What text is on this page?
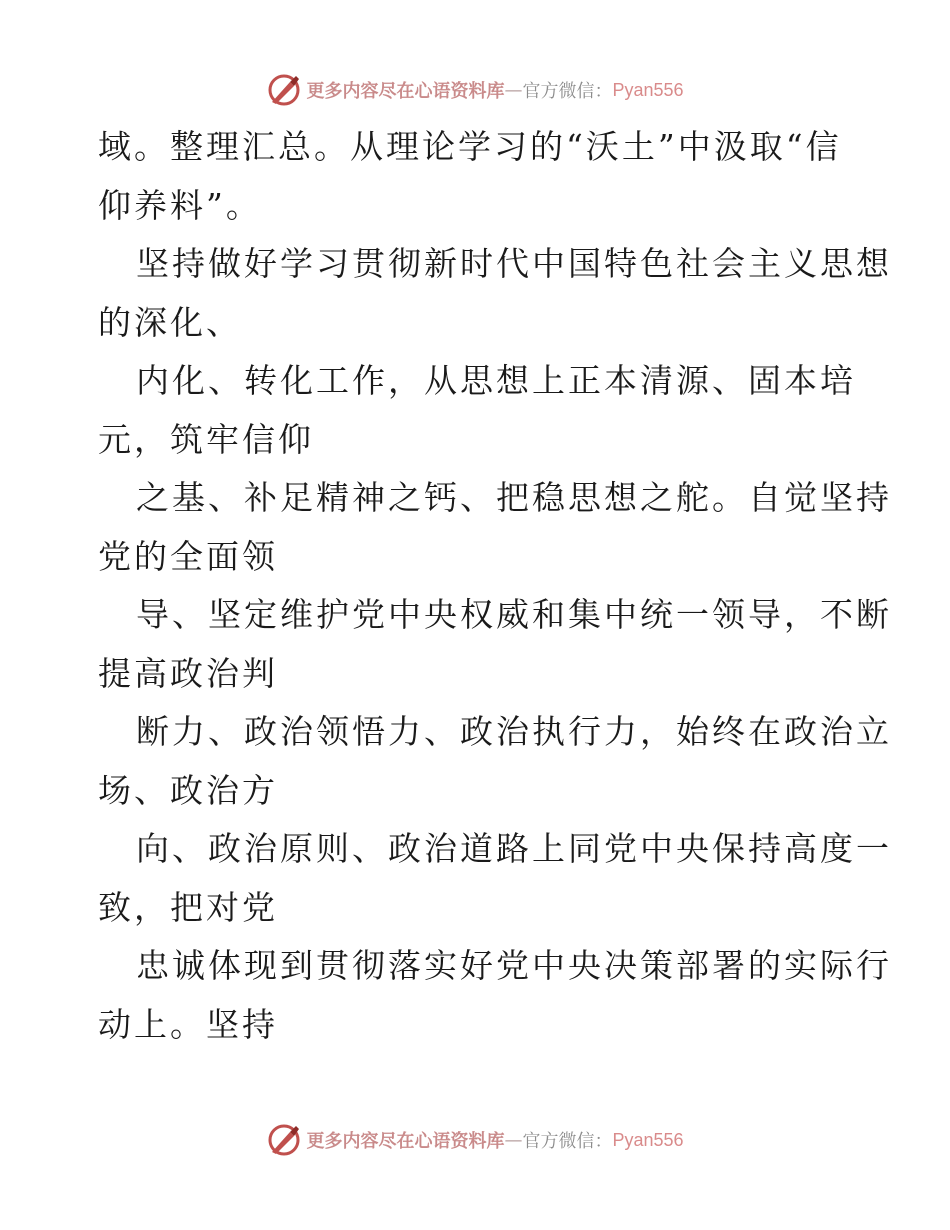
更多内容尽在心语资料库 — 官方微信： Pyan556
域。整理汇总。从理论学习的“沃土”中汲取“信
仰养料”。
坚持做好学习贯彻新时代中国特色社会主义思想
的深化、
内化、转化工作，从思想上正本清源、固本培
元，筑牢信仰
之基、补足精神之钙、把稳思想之舵。自觉坚持
党的全面领
导、坚定维护党中央权威和集中统一领导，不断
提高政治判
断力、政治领悟力、政治执行力，始终在政治立
场、政治方
向、政治原则、政治道路上同党中央保持高度一
致，把对党
忠诚体现到贯彻落实好党中央决策部署的实际行
动上。坚持
更多内容尽在心语资料库 — 官方微信： Pyan556
